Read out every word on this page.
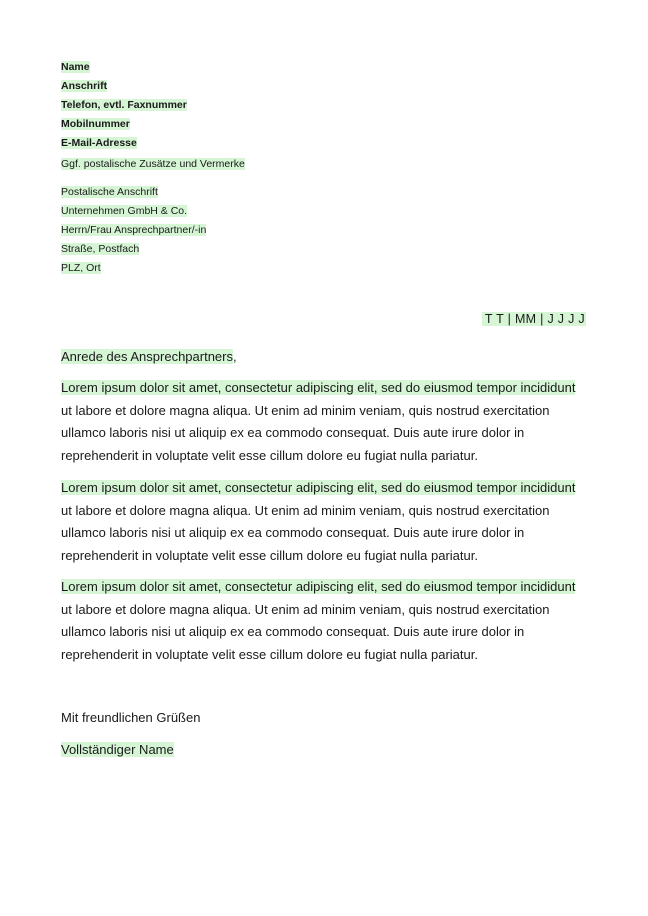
Name
Anschrift
Telefon, evtl. Faxnummer
Mobilnummer
E-Mail-Adresse
Ggf. postalische Zusätze und Vermerke
Postalische Anschrift
Unternehmen GmbH & Co.
Herrn/Frau Ansprechpartner/-in
Straße, Postfach
PLZ, Ort
T T | MM | J J J J
Anrede des Ansprechpartners,
Lorem ipsum dolor sit amet, consectetur adipiscing elit, sed do eiusmod tempor incididunt
ut labore et dolore magna aliqua. Ut enim ad minim veniam, quis nostrud exercitation
ullamco laboris nisi ut aliquip ex ea commodo consequat. Duis aute irure dolor in
reprehenderit in voluptate velit esse cillum dolore eu fugiat nulla pariatur.
Lorem ipsum dolor sit amet, consectetur adipiscing elit, sed do eiusmod tempor incididunt
ut labore et dolore magna aliqua. Ut enim ad minim veniam, quis nostrud exercitation
ullamco laboris nisi ut aliquip ex ea commodo consequat. Duis aute irure dolor in
reprehenderit in voluptate velit esse cillum dolore eu fugiat nulla pariatur.
Lorem ipsum dolor sit amet, consectetur adipiscing elit, sed do eiusmod tempor incididunt
ut labore et dolore magna aliqua. Ut enim ad minim veniam, quis nostrud exercitation
ullamco laboris nisi ut aliquip ex ea commodo consequat. Duis aute irure dolor in
reprehenderit in voluptate velit esse cillum dolore eu fugiat nulla pariatur.
Mit freundlichen Grüßen
Vollständiger Name
